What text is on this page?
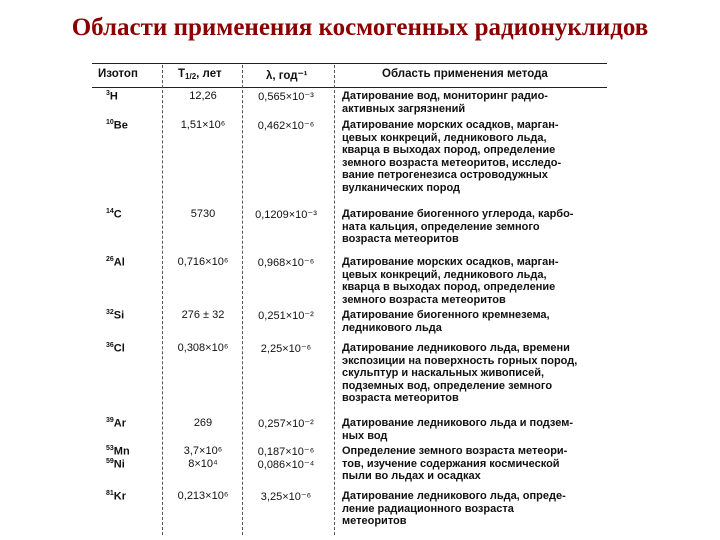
Области применения космогенных радионуклидов
Изотоп	$T_{1/2}$, лет	λ, год⁻¹	Область применения метода
$^3$H	12,26	0,565×10⁻³	Датирование вод, мониторинг радио-
активных загрязнений
$^{10}$Be	1,51×10⁶	0,462×10⁻⁶	Датирование морских осадков, марган-
цевых конкреций, ледникового льда,
кварца в выходах пород, определение
земного возраста метеоритов, исследо-
вание петрогенезиса островодужных
вулканических пород
$^{14}$C	5730	0,1209×10⁻³	Датирование биогенного углерода, карбо-
ната кальция, определение земного
возраста метеоритов
$^{26}$Al	0,716×10⁶	0,968×10⁻⁶	Датирование морских осадков, марган-
цевых конкреций, ледникового льда,
кварца в выходах пород, определение
земного возраста метеоритов
$^{32}$Si	276 ± 32	0,251×10⁻²	Датирование биогенного кремнезема,
ледникового льда
$^{36}$Cl	0,308×10⁶	2,25×10⁻⁶	Датирование ледникового льда, времени
экспозиции на поверхность горных пород,
скульптур и наскальных живописей,
подземных вод, определение земного
возраста метеоритов
$^{39}$Ar	269	0,257×10⁻²	Датирование ледникового льда и подзем-
ных вод
$^{53}$Mn	3,7×10⁶	0,187×10⁻⁶	Определение земного возраста метеори-
тов, изучение содержания космической
пыли во льдах и осадках
$^{59}$Ni	8×10⁴	0,086×10⁻⁴
$^{81}$Kr	0,213×10⁶	3,25×10⁻⁶	Датирование ледникового льда, опреде-
ление радиационного возраста
метеоритов
